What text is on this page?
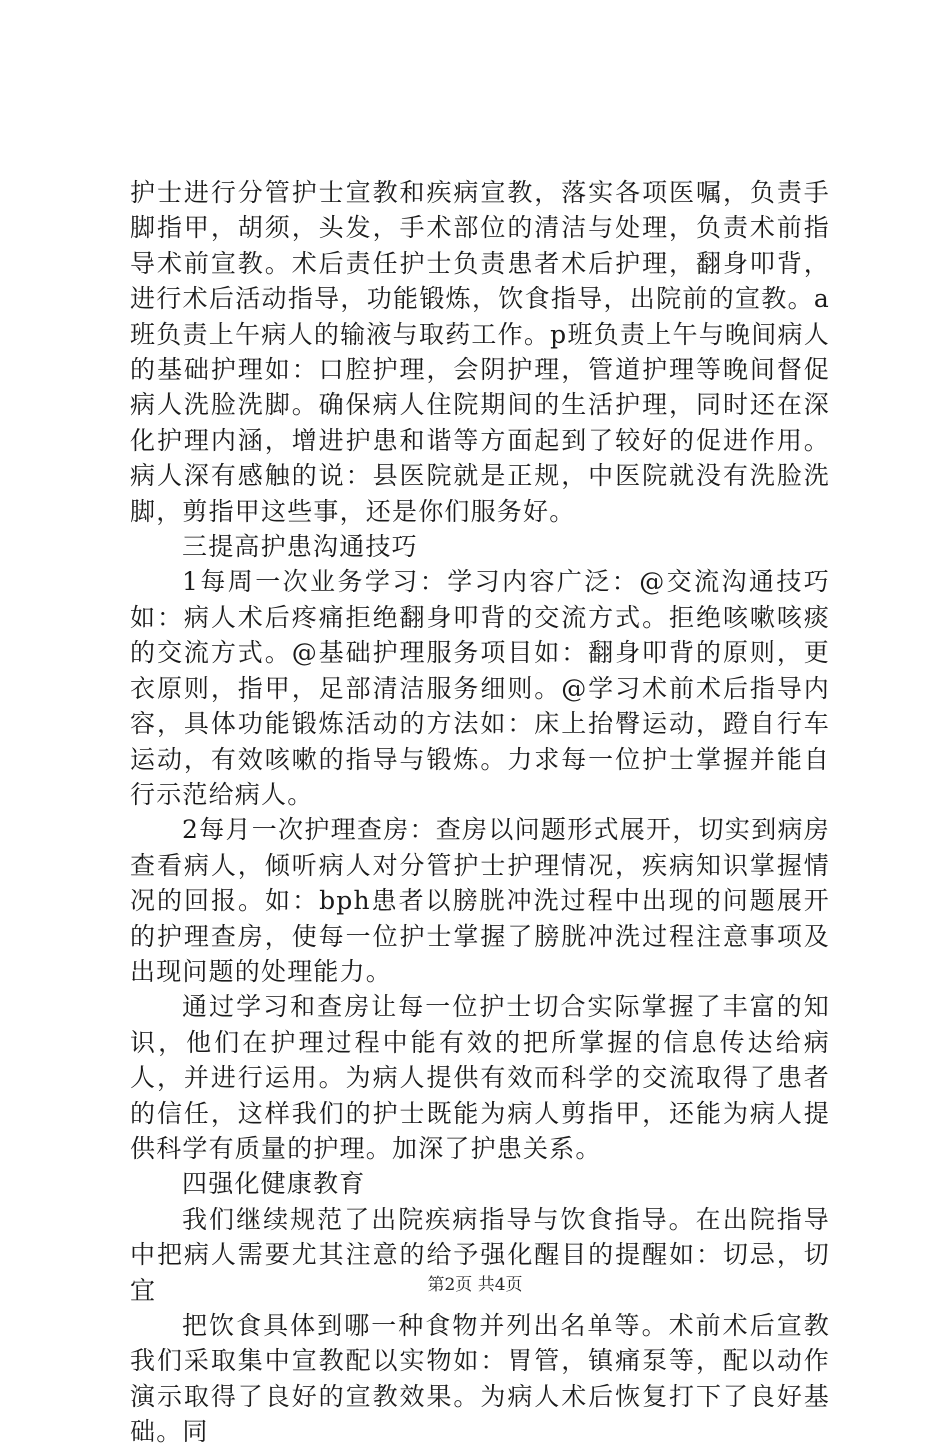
护士进行分管护士宣教和疾病宣教，落实各项医嘱，负责手脚指甲，胡须，头发，手术部位的清洁与处理，负责术前指导术前宣教。术后责任护士负责患者术后护理，翻身叩背，进行术后活动指导，功能锻炼，饮食指导，出院前的宣教。a班负责上午病人的输液与取药工作。p班负责上午与晚间病人的基础护理如：口腔护理，会阴护理，管道护理等晚间督促病人洗脸洗脚。确保病人住院期间的生活护理，同时还在深化护理内涵，增进护患和谐等方面起到了较好的促进作用。病人深有感触的说：县医院就是正规，中医院就没有洗脸洗脚，剪指甲这些事，还是你们服务好。

三提高护患沟通技巧

1每周一次业务学习：学习内容广泛：@交流沟通技巧如：病人术后疼痛拒绝翻身叩背的交流方式。拒绝咳嗽咳痰的交流方式。@基础护理服务项目如：翻身叩背的原则，更衣原则，指甲，足部清洁服务细则。@学习术前术后指导内容，具体功能锻炼活动的方法如：床上抬臀运动，蹬自行车运动，有效咳嗽的指导与锻炼。力求每一位护士掌握并能自行示范给病人。

2每月一次护理查房：查房以问题形式展开，切实到病房查看病人，倾听病人对分管护士护理情况，疾病知识掌握情况的回报。如：bph患者以膀胱冲洗过程中出现的问题展开的护理查房，使每一位护士掌握了膀胱冲洗过程注意事项及出现问题的处理能力。

通过学习和查房让每一位护士切合实际掌握了丰富的知识，他们在护理过程中能有效的把所掌握的信息传达给病人，并进行运用。为病人提供有效而科学的交流取得了患者的信任，这样我们的护士既能为病人剪指甲，还能为病人提供科学有质量的护理。加深了护患关系。

四强化健康教育

我们继续规范了出院疾病指导与饮食指导。在出院指导中把病人需要尤其注意的给予强化醒目的提醒如：切忌，切宜

把饮食具体到哪一种食物并列出名单等。术前术后宣教我们采取集中宣教配以实物如：胃管，镇痛泵等，配以动作演示取得了良好的宣教效果。为病人术后恢复打下了良好基础。同

第2页 共4页
